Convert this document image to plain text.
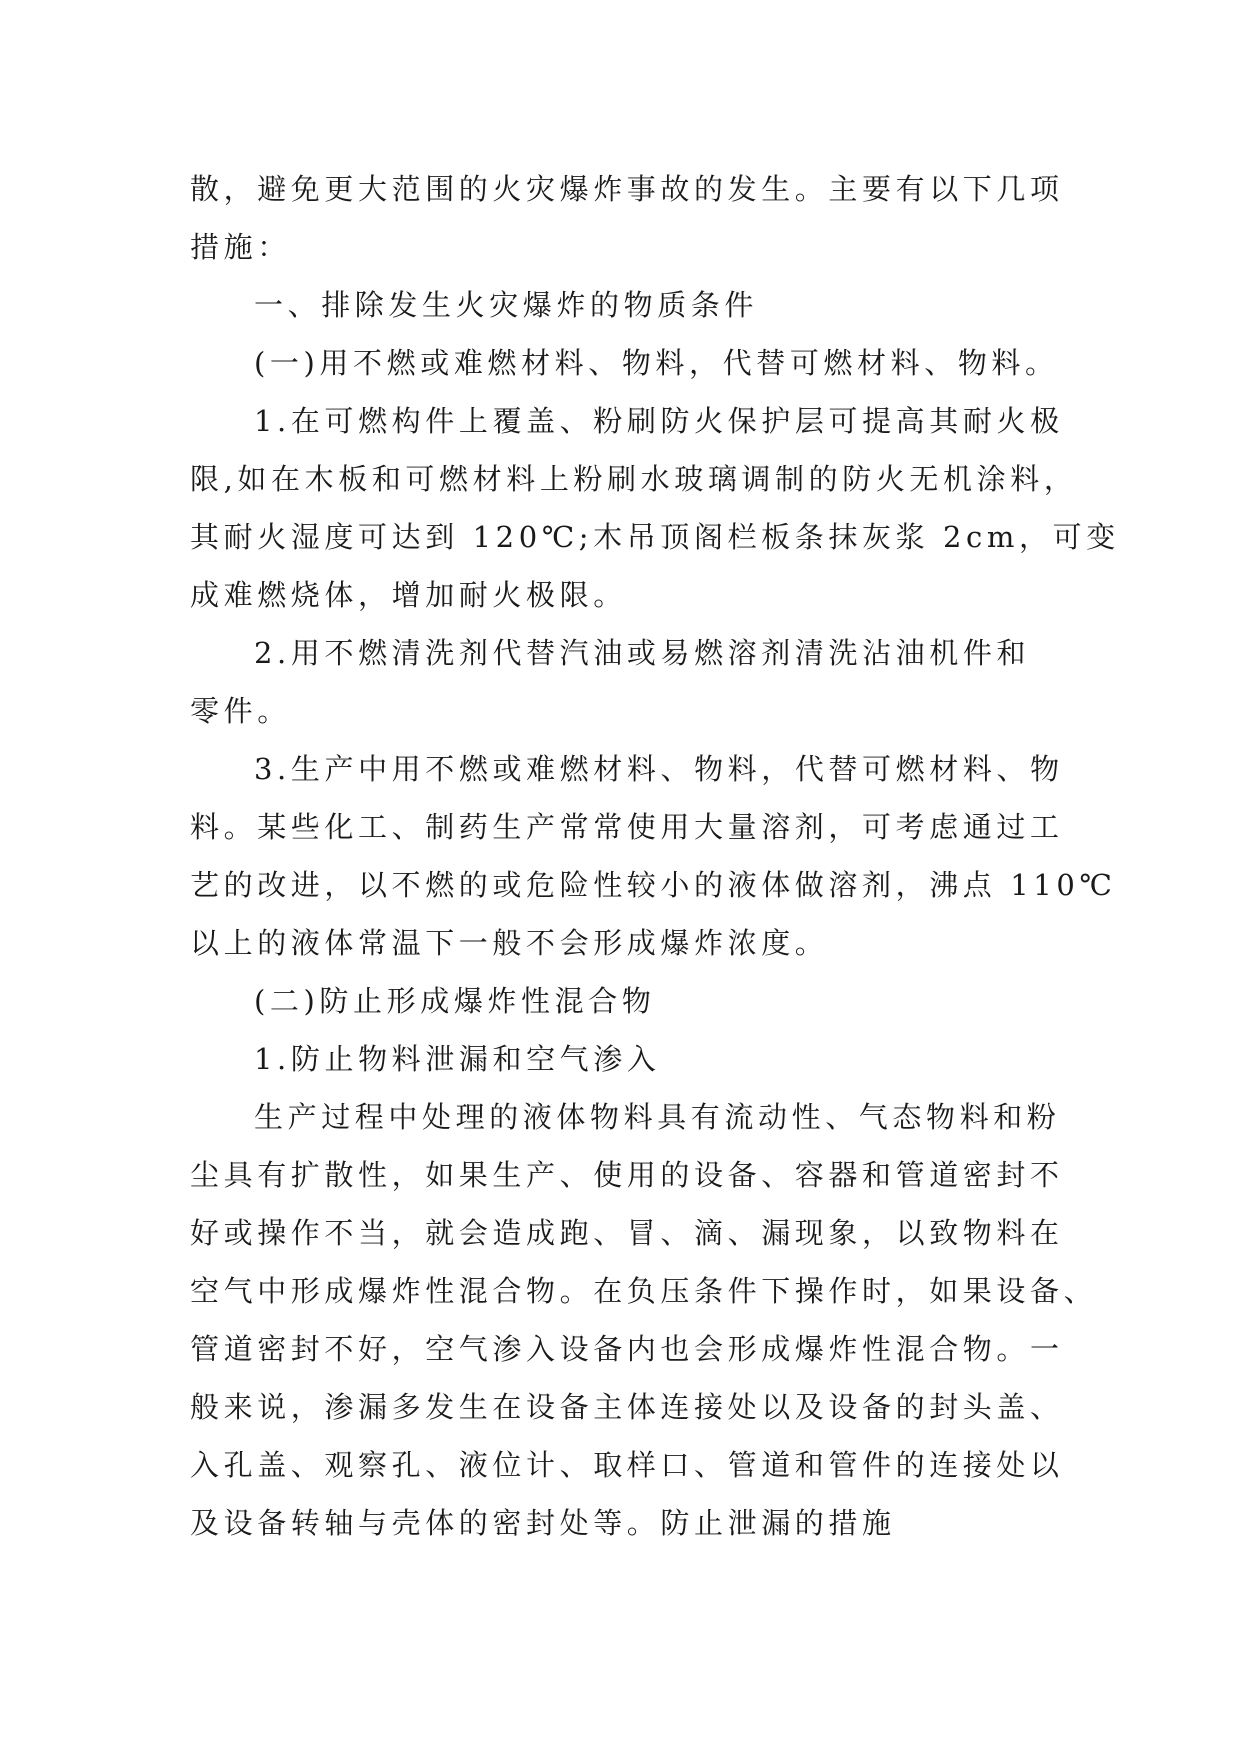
散，避免更大范围的火灾爆炸事故的发生。主要有以下几项
措施：
一、排除发生火灾爆炸的物质条件
(一)用不燃或难燃材料、物料，代替可燃材料、物料。
1.在可燃构件上覆盖、粉刷防火保护层可提高其耐火极
限,如在木板和可燃材料上粉刷水玻璃调制的防火无机涂料，
其耐火湿度可达到 120℃;木吊顶阁栏板条抹灰浆 2cm，可变
成难燃烧体，增加耐火极限。
2.用不燃清洗剂代替汽油或易燃溶剂清洗沾油机件和
零件。
3.生产中用不燃或难燃材料、物料，代替可燃材料、物
料。某些化工、制药生产常常使用大量溶剂，可考虑通过工
艺的改进，以不燃的或危险性较小的液体做溶剂，沸点 110℃
以上的液体常温下一般不会形成爆炸浓度。
(二)防止形成爆炸性混合物
1.防止物料泄漏和空气渗入
生产过程中处理的液体物料具有流动性、气态物料和粉
尘具有扩散性，如果生产、使用的设备、容器和管道密封不
好或操作不当，就会造成跑、冒、滴、漏现象，以致物料在
空气中形成爆炸性混合物。在负压条件下操作时，如果设备、
管道密封不好，空气渗入设备内也会形成爆炸性混合物。一
般来说，渗漏多发生在设备主体连接处以及设备的封头盖、
入孔盖、观察孔、液位计、取样口、管道和管件的连接处以
及设备转轴与壳体的密封处等。防止泄漏的措施
